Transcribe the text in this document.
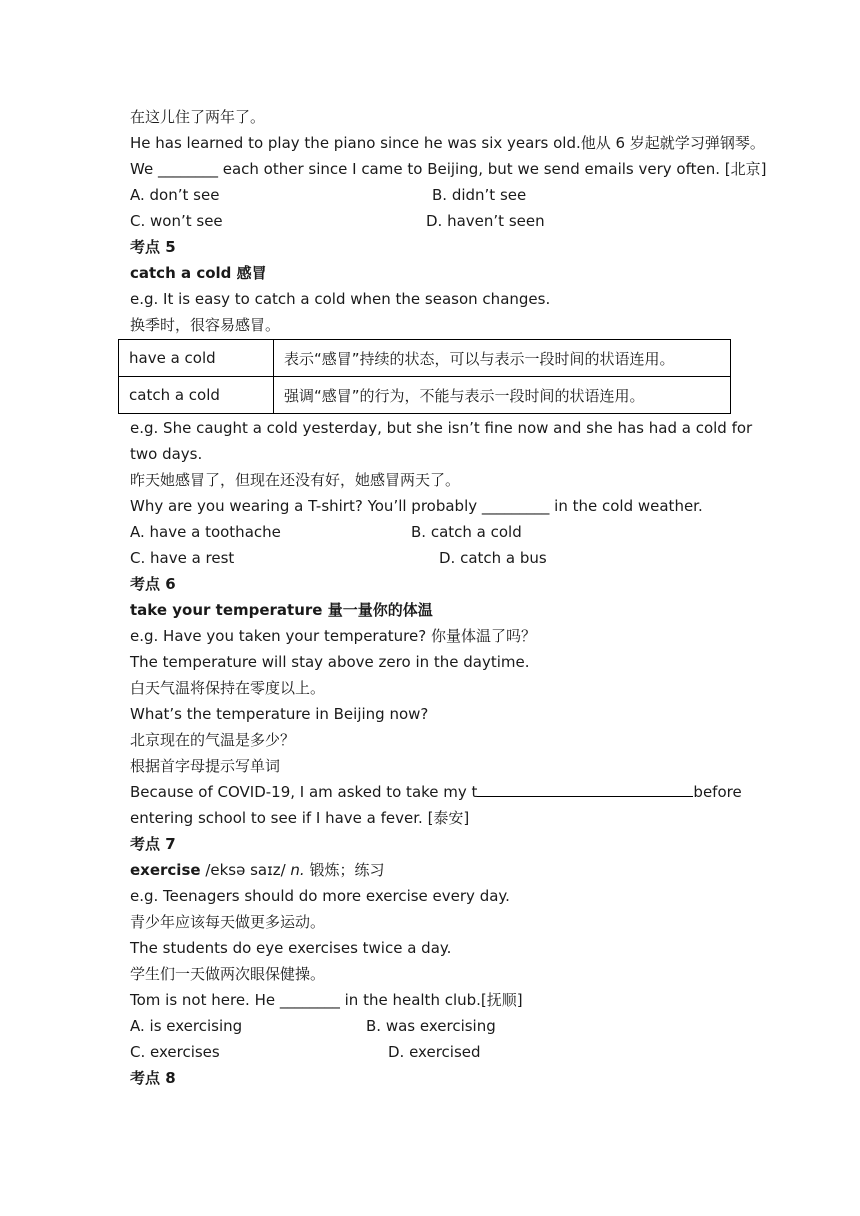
在这儿住了两年了。
He has learned to play the piano since he was six years old.他从 6 岁起就学习弹钢琴。
We ________ each other since I came to Beijing, but we send emails very often. [北京]
A. don’t see	B. didn’t see
C. won’t see	D. haven’t seen
考点 5
catch a cold 感冒
e.g. It is easy to catch a cold when the season changes.
换季时，很容易感冒。
have a cold	表示“感冒”持续的状态，可以与表示一段时间的状语连用。
catch a cold	强调“感冒”的行为，不能与表示一段时间的状语连用。
e.g. She caught a cold yesterday, but she isn’t fine now and she has had a cold for
two days.
昨天她感冒了，但现在还没有好，她感冒两天了。
Why are you wearing a T-shirt? You’ll probably _________ in the cold weather.
A. have a toothache	B. catch a cold
C. have a rest	D. catch a bus
考点 6
take your temperature 量一量你的体温
e.g. Have you taken your temperature? 你量体温了吗？
The temperature will stay above zero in the daytime.
白天气温将保持在零度以上。
What’s the temperature in Beijing now?
北京现在的气温是多少？
根据首字母提示写单词
Because of COVID-19, I am asked to take my t	before
entering school to see if I have a fever. [泰安]
考点 7
exercise /eksə saɪz/ n. 锻炼；练习
e.g. Teenagers should do more exercise every day.
青少年应该每天做更多运动。
The students do eye exercises twice a day.
学生们一天做两次眼保健操。
Tom is not here. He ________ in the health club.[抚顺]
A. is exercising	B. was exercising
C. exercises	D. exercised
考点 8
